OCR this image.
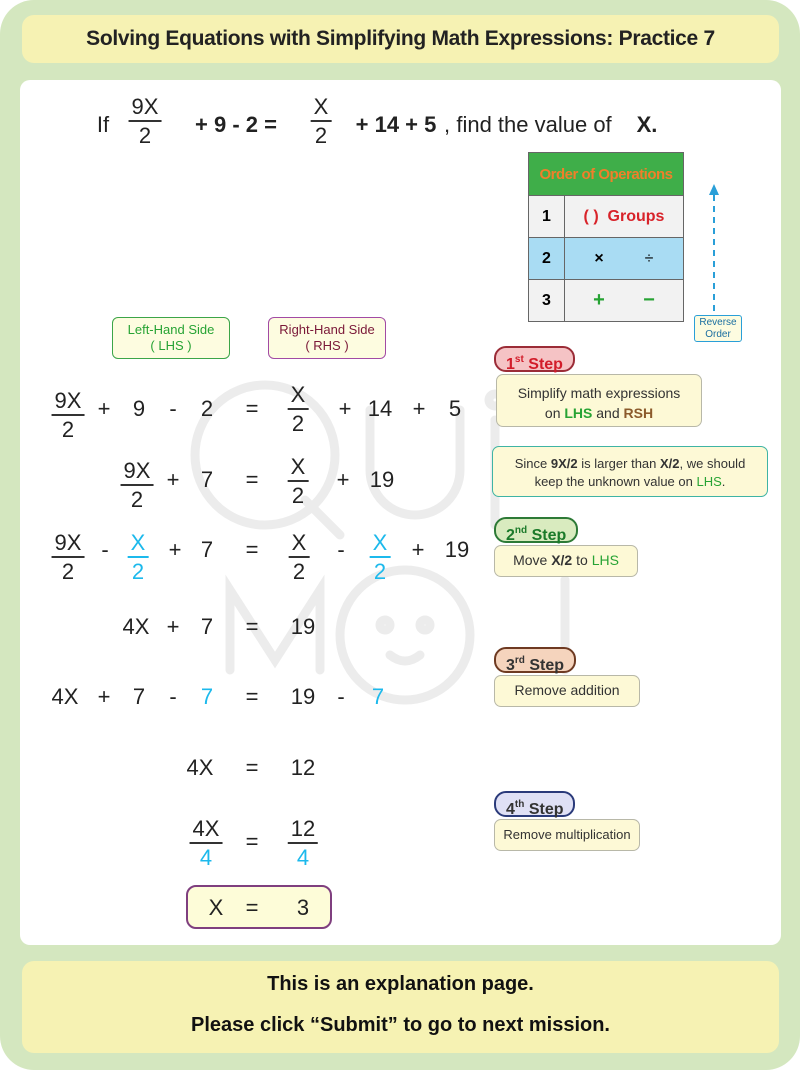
Solving Equations with Simplifying Math Expressions: Practice 7
If $\frac{9X}{2} + 9 - 2 = \frac{X}{2} + 14 + 5$ , find the value of X.
Order of Operations	
1	( ) Groups
2	× ÷
3	+ −
Reverse
Order
Left-Hand Side
( LHS )
Right-Hand Side
( RHS )
$\frac{9X}{2} + 9 - 2 = \frac{X}{2} + 14 + 5$
$\frac{9X}{2} + 7 = \frac{X}{2} + 19$
$\frac{9X}{2} - \frac{X}{2} + 7 = \frac{X}{2} - \frac{X}{2} + 19$
4X + 7 = 19
4X + 7 - 7 = 19 - 7
4X = 12
$\frac{4X}{4} = \frac{12}{4}$
X = 3
1st Step
Simplify math expressions
on LHS and RSH
Since 9X/2 is larger than X/2, we should
keep the unknown value on LHS.
2nd Step
Move X/2 to LHS
3rd Step
Remove addition
4th Step
Remove multiplication
This is an explanation page.
Please click “Submit” to go to next mission.
